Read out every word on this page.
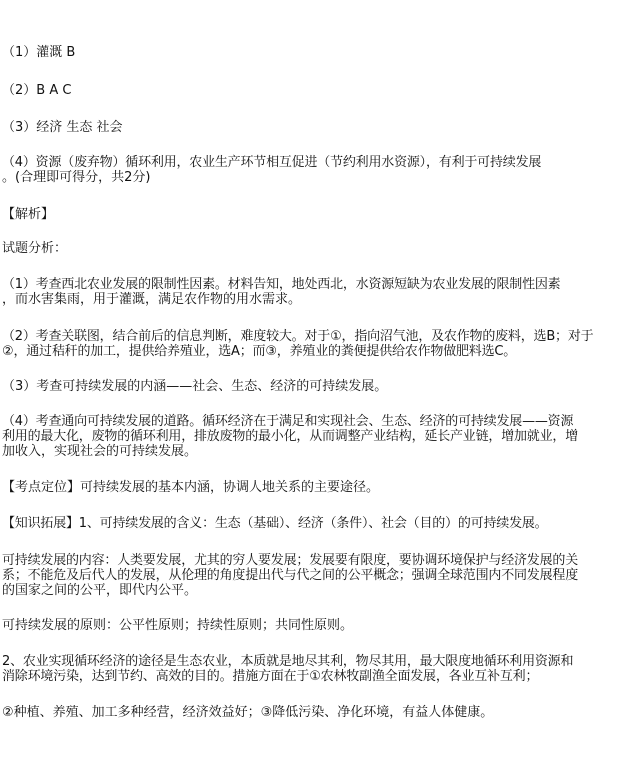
（1）灌溉 B
（2）B A C
（3）经济 生态 社会
（4）资源（废弃物）循环利用，农业生产环节相互促进（节约利用水资源），有利于可持续发展
。(合理即可得分，共2分)
【解析】
试题分析：
（1）考查西北农业发展的限制性因素。材料告知，地处西北，水资源短缺为农业发展的限制性因素
，而水害集雨，用于灌溉，满足农作物的用水需求。
（2）考查关联图，结合前后的信息判断，难度较大。对于①，指向沼气池，及农作物的废料，选B；对于
②，通过秸秆的加工，提供给养殖业，选A；而③，养殖业的粪便提供给农作物做肥料选C。
（3）考查可持续发展的内涵——社会、生态、经济的可持续发展。
（4）考查通向可持续发展的道路。循环经济在于满足和实现社会、生态、经济的可持续发展——资源
利用的最大化，废物的循环利用，排放废物的最小化，从而调整产业结构，延长产业链，增加就业，增
加收入，实现社会的可持续发展。
【考点定位】可持续发展的基本内涵，协调人地关系的主要途径。
【知识拓展】1、可持续发展的含义：生态（基础）、经济（条件）、社会（目的）的可持续发展。
可持续发展的内容：人类要发展，尤其的穷人要发展；发展要有限度，要协调环境保护与经济发展的关
系；不能危及后代人的发展，从伦理的角度提出代与代之间的公平概念；强调全球范围内不同发展程度
的国家之间的公平，即代内公平。
可持续发展的原则：公平性原则；持续性原则；共同性原则。
2、农业实现循环经济的途径是生态农业，本质就是地尽其利，物尽其用，最大限度地循环利用资源和
消除环境污染，达到节约、高效的目的。措施方面在于①农林牧副渔全面发展，各业互补互利；
②种植、养殖、加工多种经营，经济效益好；③降低污染、净化环境，有益人体健康。
